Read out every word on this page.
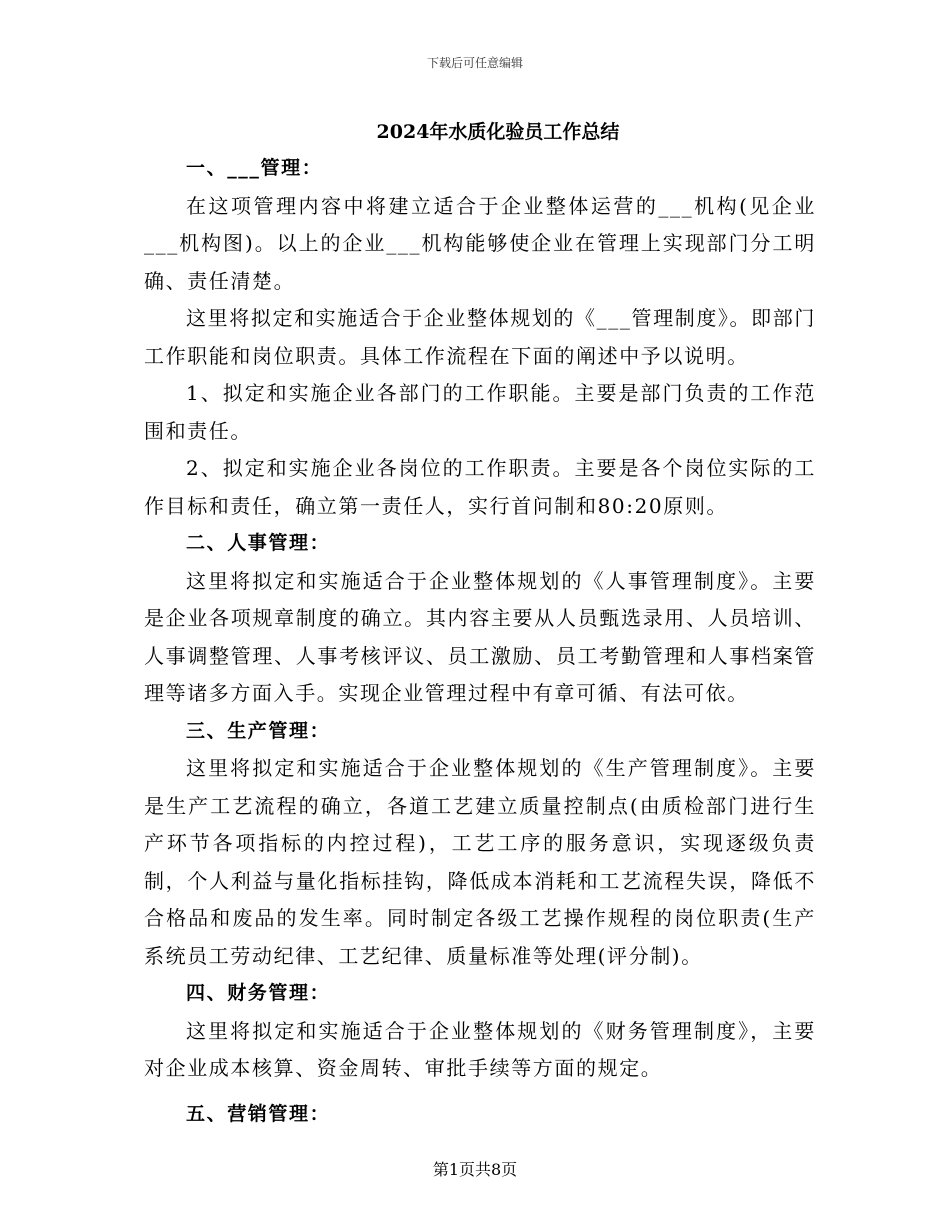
下载后可任意编辑
2024年水质化验员工作总结
一、___管理：

在这项管理内容中将建立适合于企业整体运营的___机构(见企业___机构图)。以上的企业___机构能够使企业在管理上实现部门分工明确、责任清楚。

这里将拟定和实施适合于企业整体规划的《___管理制度》。即部门工作职能和岗位职责。具体工作流程在下面的阐述中予以说明。

1、拟定和实施企业各部门的工作职能。主要是部门负责的工作范围和责任。

2、拟定和实施企业各岗位的工作职责。主要是各个岗位实际的工作目标和责任，确立第一责任人，实行首问制和80:20原则。

二、人事管理：

这里将拟定和实施适合于企业整体规划的《人事管理制度》。主要是企业各项规章制度的确立。其内容主要从人员甄选录用、人员培训、人事调整管理、人事考核评议、员工激励、员工考勤管理和人事档案管理等诸多方面入手。实现企业管理过程中有章可循、有法可依。

三、生产管理：

这里将拟定和实施适合于企业整体规划的《生产管理制度》。主要是生产工艺流程的确立，各道工艺建立质量控制点(由质检部门进行生产环节各项指标的内控过程)，工艺工序的服务意识，实现逐级负责制，个人利益与量化指标挂钩，降低成本消耗和工艺流程失误，降低不合格品和废品的发生率。同时制定各级工艺操作规程的岗位职责(生产系统员工劳动纪律、工艺纪律、质量标准等处理(评分制)。

四、财务管理：

这里将拟定和实施适合于企业整体规划的《财务管理制度》，主要对企业成本核算、资金周转、审批手续等方面的规定。

五、营销管理：
第1页共8页
